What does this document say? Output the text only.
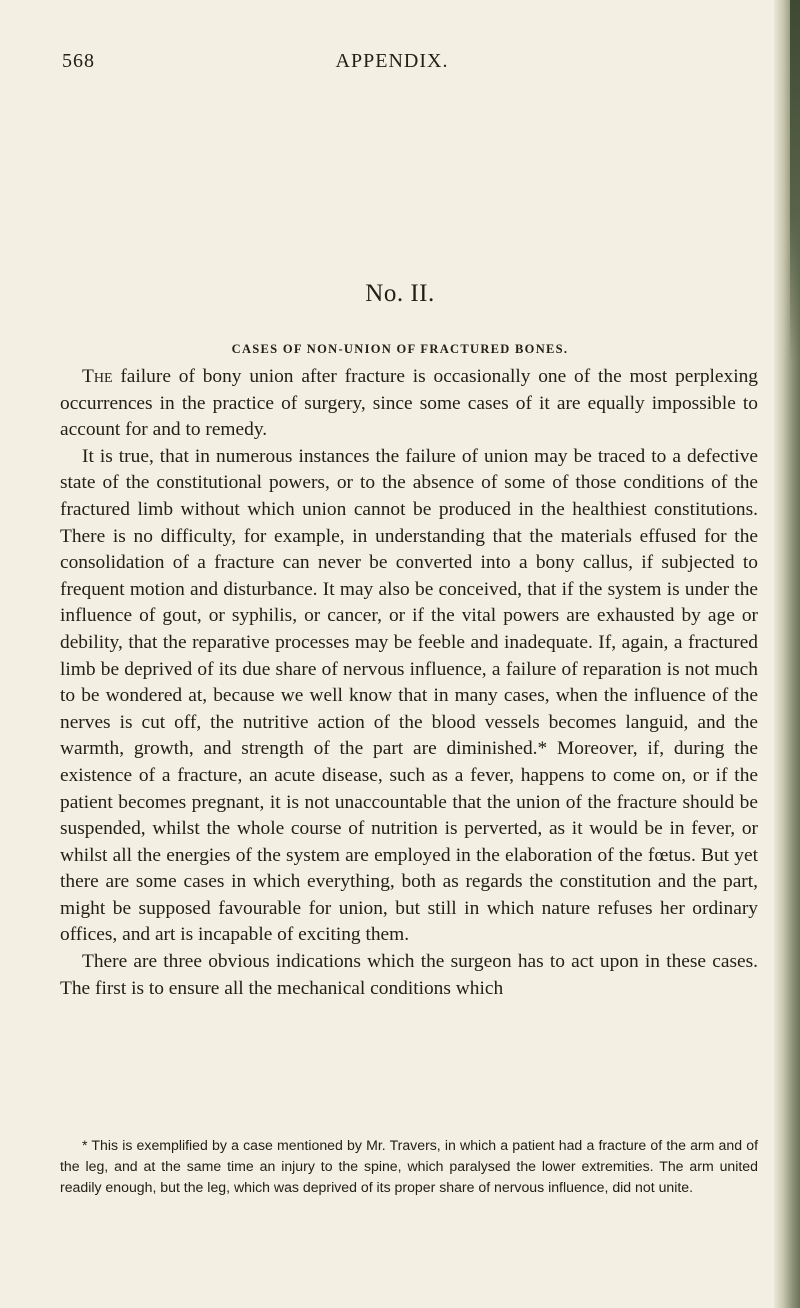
568	APPENDIX.
No. II.
CASES OF NON-UNION OF FRACTURED BONES.

The failure of bony union after fracture is occasionally one of the most perplexing occurrences in the practice of surgery, since some cases of it are equally impossible to account for and to remedy.

It is true, that in numerous instances the failure of union may be traced to a defective state of the constitutional powers, or to the absence of some of those conditions of the fractured limb without which union cannot be produced in the healthiest constitutions. There is no difficulty, for example, in understanding that the materials effused for the consolidation of a fracture can never be converted into a bony callus, if subjected to frequent motion and disturbance. It may also be conceived, that if the system is under the influence of gout, or syphilis, or cancer, or if the vital powers are exhausted by age or debility, that the reparative processes may be feeble and inadequate. If, again, a fractured limb be deprived of its due share of nervous influence, a failure of reparation is not much to be wondered at, because we well know that in many cases, when the influence of the nerves is cut off, the nutritive action of the blood vessels becomes languid, and the warmth, growth, and strength of the part are diminished.* Moreover, if, during the existence of a fracture, an acute disease, such as a fever, happens to come on, or if the patient becomes pregnant, it is not unaccountable that the union of the fracture should be suspended, whilst the whole course of nutrition is perverted, as it would be in fever, or whilst all the energies of the system are employed in the elaboration of the fœtus. But yet there are some cases in which everything, both as regards the constitution and the part, might be supposed favourable for union, but still in which nature refuses her ordinary offices, and art is incapable of exciting them.

There are three obvious indications which the surgeon has to act upon in these cases. The first is to ensure all the mechanical conditions which

* This is exemplified by a case mentioned by Mr. Travers, in which a patient had a fracture of the arm and of the leg, and at the same time an injury to the spine, which paralysed the lower extremities. The arm united readily enough, but the leg, which was deprived of its proper share of nervous influence, did not unite.
